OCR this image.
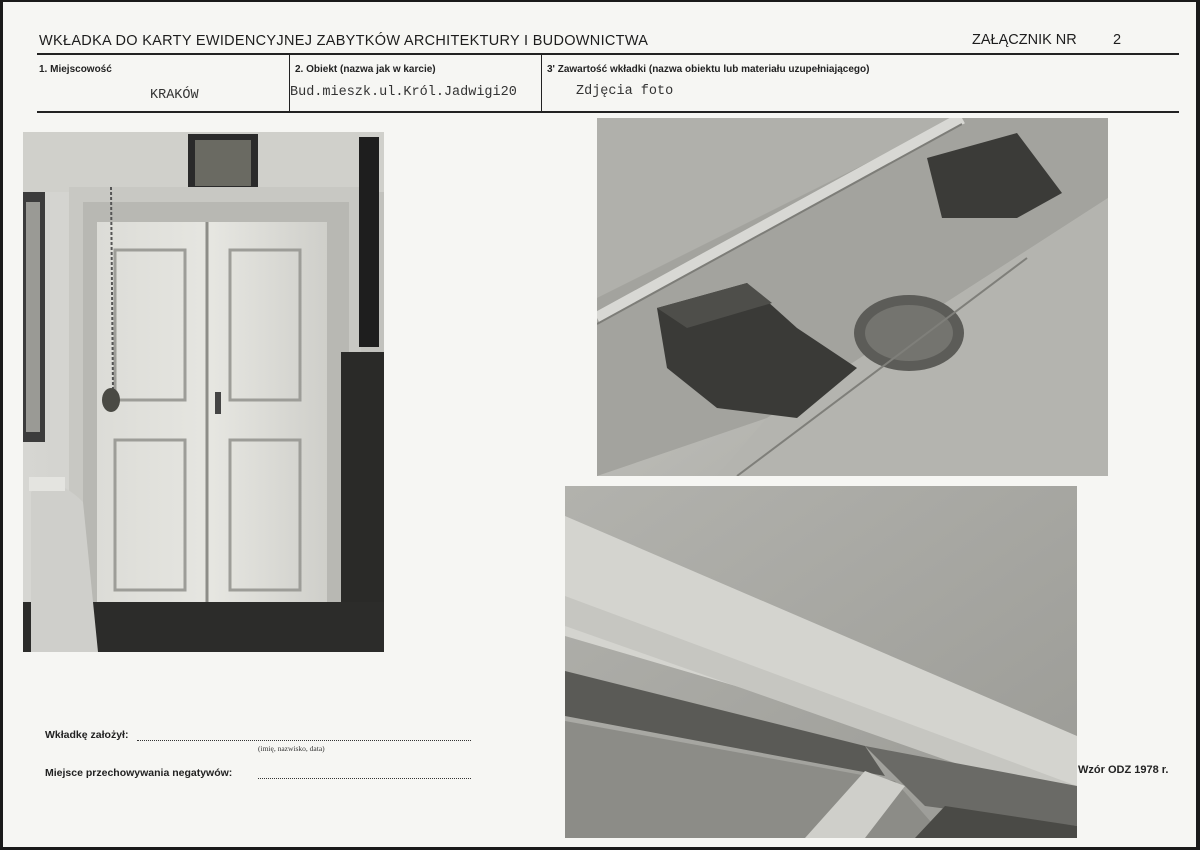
WKŁADKA DO KARTY EWIDENCYJNEJ ZABYTKÓW ARCHITEKTURY I BUDOWNICTWA	ZAŁĄCZNIK NR	2
1. Miejscowość
KRAKÓW
2. Obiekt (nazwa jak w karcie)
Bud.mieszk.ul.Król.Jadwigi20
3' Zawartość wkładki (nazwa obiektu lub materiału uzupełniającego)
Zdjęcia foto
Wkładkę założył:
(imię, nazwisko, data)
Miejsce przechowywania negatywów:	Wzór ODZ 1978 r.
